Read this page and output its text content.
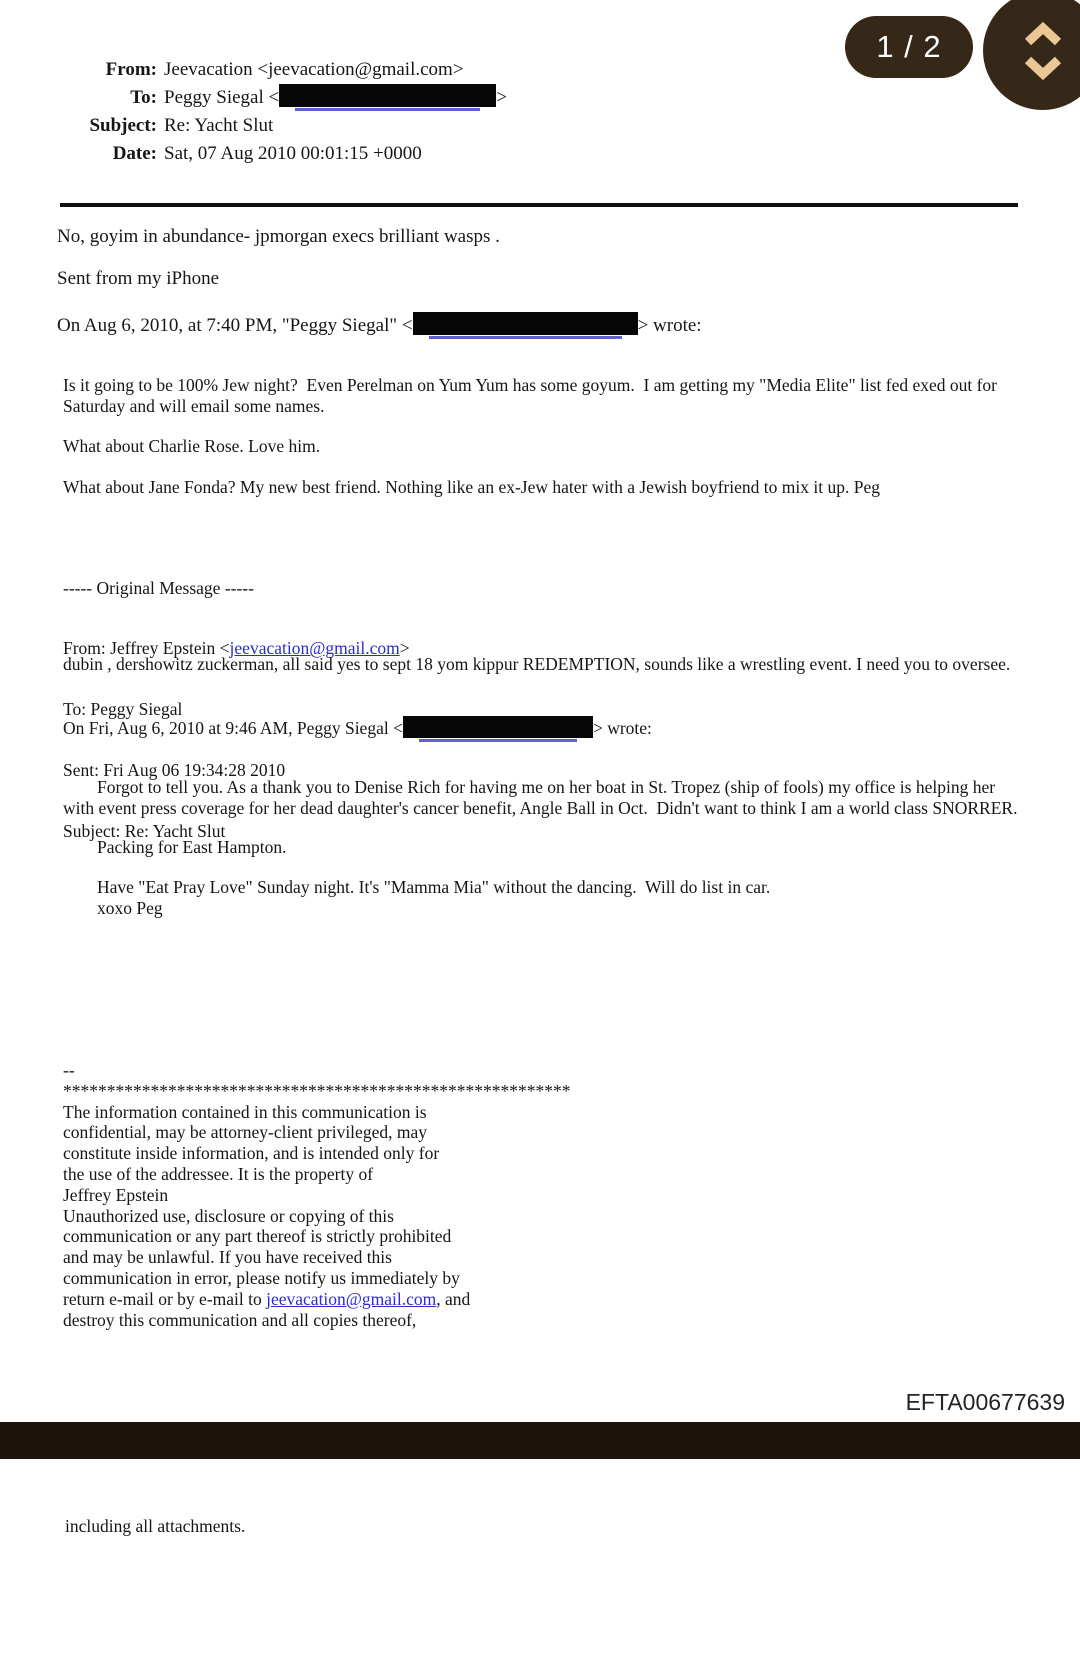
From: Jeevacation <jeevacation@gmail.com>
To: Peggy Siegal <	>
Subject: Re: Yacht Slut
Date: Sat, 07 Aug 2010 00:01:15 +0000
No, goyim in abundance- jpmorgan execs brilliant wasps .
Sent from my iPhone
On Aug 6, 2010, at 7:40 PM, "Peggy Siegal" <	> wrote:
Is it going to be 100% Jew night?  Even Perelman on Yum Yum has some goyum.  I am getting my "Media Elite" list fed exed out for
Saturday and will email some names.
What about Charlie Rose. Love him.
What about Jane Fonda? My new best friend. Nothing like an ex-Jew hater with a Jewish boyfriend to mix it up. Peg

----- Original Message -----

From: Jeffrey Epstein <jeevacation@gmail.com>

To: Peggy Siegal

Sent: Fri Aug 06 19:34:28 2010

Subject: Re: Yacht Slut

dubin , dershowitz zuckerman, all said yes to sept 18 yom kippur REDEMPTION, sounds like a wrestling event. I need you to oversee.
On Fri, Aug 6, 2010 at 9:46 AM, Peggy Siegal <	> wrote:
Forgot to tell you. As a thank you to Denise Rich for having me on her boat in St. Tropez (ship of fools) my office is helping her
with event press coverage for her dead daughter's cancer benefit, Angle Ball in Oct.  Didn't want to think I am a world class SNORRER.
Packing for East Hampton.
Have "Eat Pray Love" Sunday night. It's "Mamma Mia" without the dancing.  Will do list in car.
xoxo Peg
--
**********************************************************
The information contained in this communication is
confidential, may be attorney-client privileged, may
constitute inside information, and is intended only for
the use of the addressee. It is the property of
Jeffrey Epstein
Unauthorized use, disclosure or copying of this
communication or any part thereof is strictly prohibited
and may be unlawful. If you have received this
communication in error, please notify us immediately by
return e-mail or by e-mail to jeevacation@gmail.com, and
destroy this communication and all copies thereof,
EFTA00677639
including all attachments.
1 / 2
